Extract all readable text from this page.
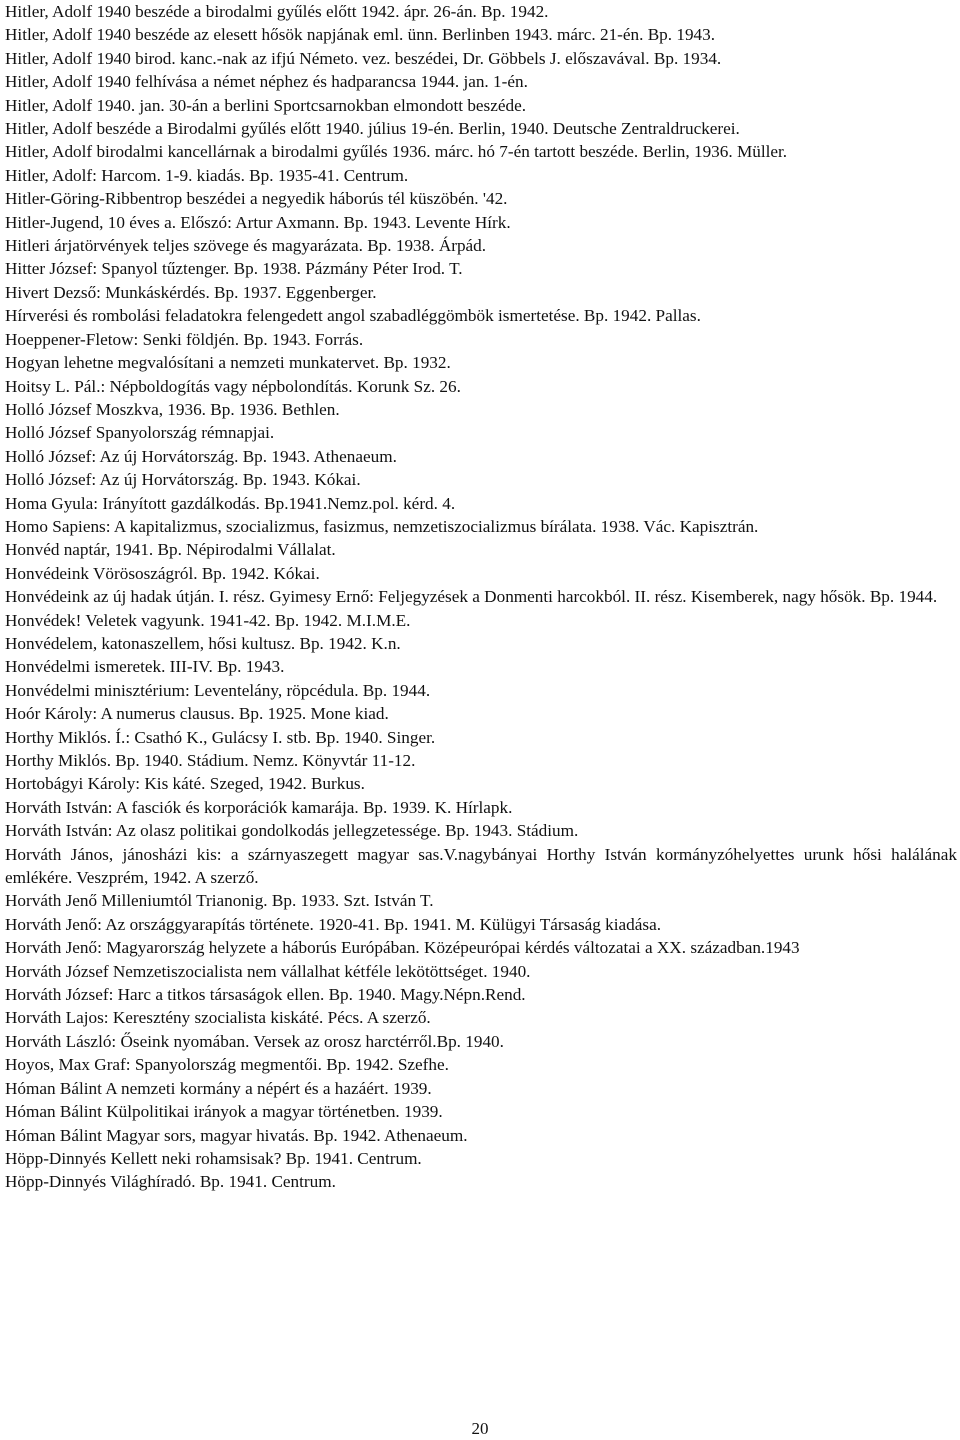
Hitler, Adolf 1940 beszéde a birodalmi gyűlés előtt 1942. ápr. 26-án. Bp. 1942.
Hitler, Adolf 1940 beszéde az elesett hősök napjának eml. ünn. Berlinben 1943. márc. 21-én. Bp. 1943.
Hitler, Adolf 1940 birod. kanc.-nak az ifjú Németo. vez. beszédei, Dr. Göbbels J. előszavával. Bp. 1934.
Hitler, Adolf 1940 felhívása a német néphez és hadparancsa 1944. jan. 1-én.
Hitler, Adolf 1940. jan. 30-án a berlini Sportcsarnokban elmondott beszéde.
Hitler, Adolf beszéde a Birodalmi gyűlés előtt 1940. július 19-én. Berlin, 1940. Deutsche Zentraldruckerei.
Hitler, Adolf birodalmi kancellárnak a birodalmi gyűlés 1936. márc. hó 7-én tartott beszéde. Berlin, 1936. Müller.
Hitler, Adolf: Harcom. 1-9. kiadás. Bp. 1935-41. Centrum.
Hitler-Göring-Ribbentrop beszédei a negyedik háborús tél küszöbén. '42.
Hitler-Jugend, 10 éves a. Előszó: Artur Axmann. Bp. 1943. Levente Hírk.
Hitleri árjatörvények teljes szövege és magyarázata. Bp. 1938. Árpád.
Hitter József: Spanyol tűztenger. Bp. 1938. Pázmány Péter Irod. T.
Hivert Dezső: Munkáskérdés. Bp. 1937. Eggenberger.
Hírverési és rombolási feladatokra felengedett angol szabadléggömbök ismertetése. Bp. 1942. Pallas.
Hoeppener-Fletow: Senki földjén. Bp. 1943. Forrás.
Hogyan lehetne megvalósítani a nemzeti munkatervet. Bp. 1932.
Hoitsy L. Pál.: Népboldogítás vagy népbolondítás. Korunk Sz. 26.
Holló József Moszkva, 1936. Bp. 1936. Bethlen.
Holló József Spanyolország rémnapjai.
Holló József: Az új Horvátország. Bp. 1943. Athenaeum.
Holló József: Az új Horvátország. Bp. 1943. Kókai.
Homa Gyula: Irányított gazdálkodás. Bp.1941.Nemz.pol. kérd. 4.
Homo Sapiens: A kapitalizmus, szocializmus, fasizmus, nemzetiszocializmus bírálata. 1938. Vác. Kapisztrán.
Honvéd naptár, 1941. Bp. Népirodalmi Vállalat.
Honvédeink Vörösoszágról. Bp. 1942. Kókai.
Honvédeink az új hadak útján. I. rész. Gyimesy Ernő: Feljegyzések a Donmenti harcokból. II. rész. Kisemberek, nagy hősök. Bp. 1944.
Honvédek! Veletek vagyunk. 1941-42. Bp. 1942. M.I.M.E.
Honvédelem, katonaszellem, hősi kultusz. Bp. 1942. K.n.
Honvédelmi ismeretek. III-IV. Bp. 1943.
Honvédelmi minisztérium: Leventelány, röpcédula. Bp. 1944.
Hoór Károly: A numerus clausus. Bp. 1925. Mone kiad.
Horthy Miklós. Í.: Csathó K., Gulácsy I. stb. Bp. 1940. Singer.
Horthy Miklós. Bp. 1940. Stádium. Nemz. Könyvtár 11-12.
Hortobágyi Károly: Kis káté. Szeged, 1942. Burkus.
Horváth István: A fasciók és korporációk kamarája. Bp. 1939. K. Hírlapk.
Horváth István: Az olasz politikai gondolkodás jellegzetessége. Bp. 1943. Stádium.
Horváth János, jánosházi kis: a szárnyaszegett magyar sas.V.nagybányai Horthy István kormányzóhelyettes urunk hősi halálának emlékére. Veszprém, 1942. A szerző.
Horváth Jenő Milleniumtól Trianonig. Bp. 1933. Szt. István T.
Horváth Jenő: Az országgyarapítás története. 1920-41. Bp. 1941. M. Külügyi Társaság kiadása.
Horváth Jenő: Magyarország helyzete a háborús Európában. Középeurópai kérdés változatai a XX. században.1943
Horváth József Nemzetiszocialista nem vállalhat kétféle lekötöttséget. 1940.
Horváth József: Harc a titkos társaságok ellen. Bp. 1940. Magy.Népn.Rend.
Horváth Lajos: Keresztény szocialista kiskáté. Pécs. A szerző.
Horváth László: Őseink nyomában. Versek az orosz harctérről.Bp. 1940.
Hoyos, Max Graf: Spanyolország megmentői. Bp. 1942. Szefhe.
Hóman Bálint A nemzeti kormány a népért és a hazáért. 1939.
Hóman Bálint Külpolitikai irányok a magyar történetben. 1939.
Hóman Bálint Magyar sors, magyar hivatás. Bp. 1942. Athenaeum.
Höpp-Dinnyés Kellett neki rohamsisak? Bp. 1941. Centrum.
Höpp-Dinnyés Világhíradó. Bp. 1941. Centrum.
20
